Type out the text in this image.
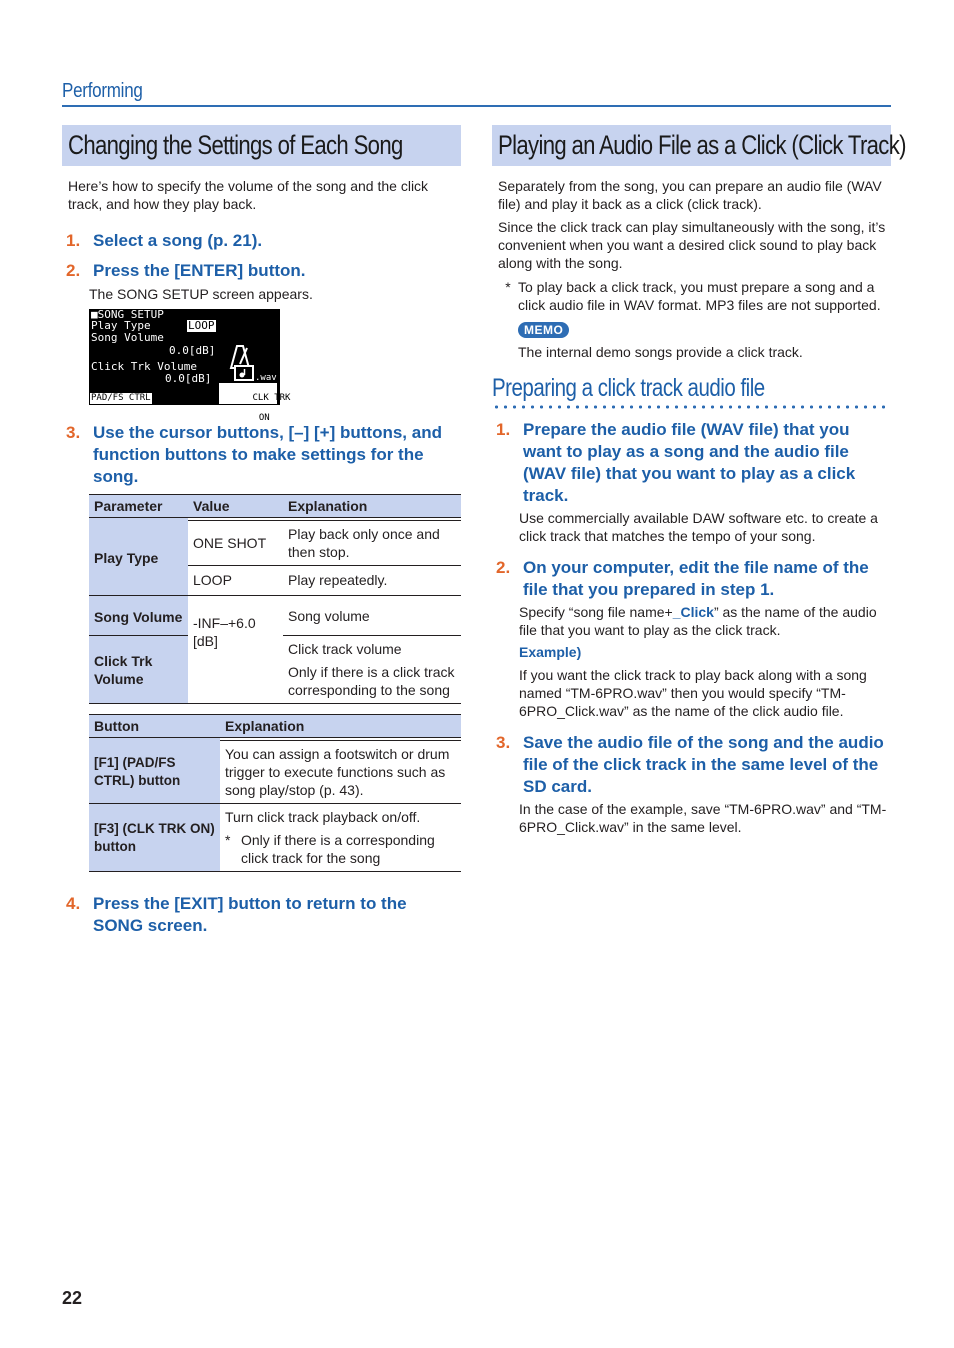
Performing
Changing the Settings of Each Song

Here’s how to specify the volume of the song and the click track, and how they play back.

1. Select a song (p. 21).
2. Press the [ENTER] button.

The SONG SETUP screen appears.

■SONG SETUP
Play Type	LOOP
Song Volume
0.0[dB]
Click Trk Volume
0.0[dB]	.wav
PAD/FS CTRL	CLK TRK

ON

3. Use the cursor buttons, [–] [+] buttons, and function buttons to make settings for the song.
Parameter	Value	Explanation

Play Type	ONE SHOT	Play back only once and then stop.
	LOOP	Play repeatedly.
Song Volume	-INF–+6.0 [dB]	Song volume
Click Trk Volume		Click track volume
Only if there is a click track corresponding to the song
Button	Explanation

[F1] (PAD/FS CTRL) button	You can assign a footswitch or drum trigger to execute functions such as song play/stop (p. 43).
[F3] (CLK TRK ON) button	Turn click track playback on/off.
* Only if there is a corresponding click track for the song
4. Press the [EXIT] button to return to the SONG screen.
Playing an Audio File as a Click (Click Track)

Separately from the song, you can prepare an audio file (WAV file) and play it back as a click (click track).

Since the click track can play simultaneously with the song, it’s convenient when you want a desired click sound to play back along with the song.

* To play back a click track, you must prepare a song and a click audio file in WAV format. MP3 files are not supported.
MEMO

The internal demo songs provide a click track.

Preparing a click track audio file
1. Prepare the audio file (WAV file) that you want to play as a song and the audio file (WAV file) that you want to play as a click track.

Use commercially available DAW software etc. to create a click track that matches the tempo of your song.

2. On your computer, edit the file name of the file that you prepared in step 1.

Specify “song file name+_Click” as the name of the audio file that you want to play as the click track.

Example)

If you want the click track to play back along with a song named “TM-6PRO.wav” then you would specify “TM-6PRO_Click.wav” as the name of the click audio file.

3. Save the audio file of the song and the audio file of the click track in the same level of the SD card.

In the case of the example, save “TM-6PRO.wav” and “TM-6PRO_Click.wav” in the same level.

22
